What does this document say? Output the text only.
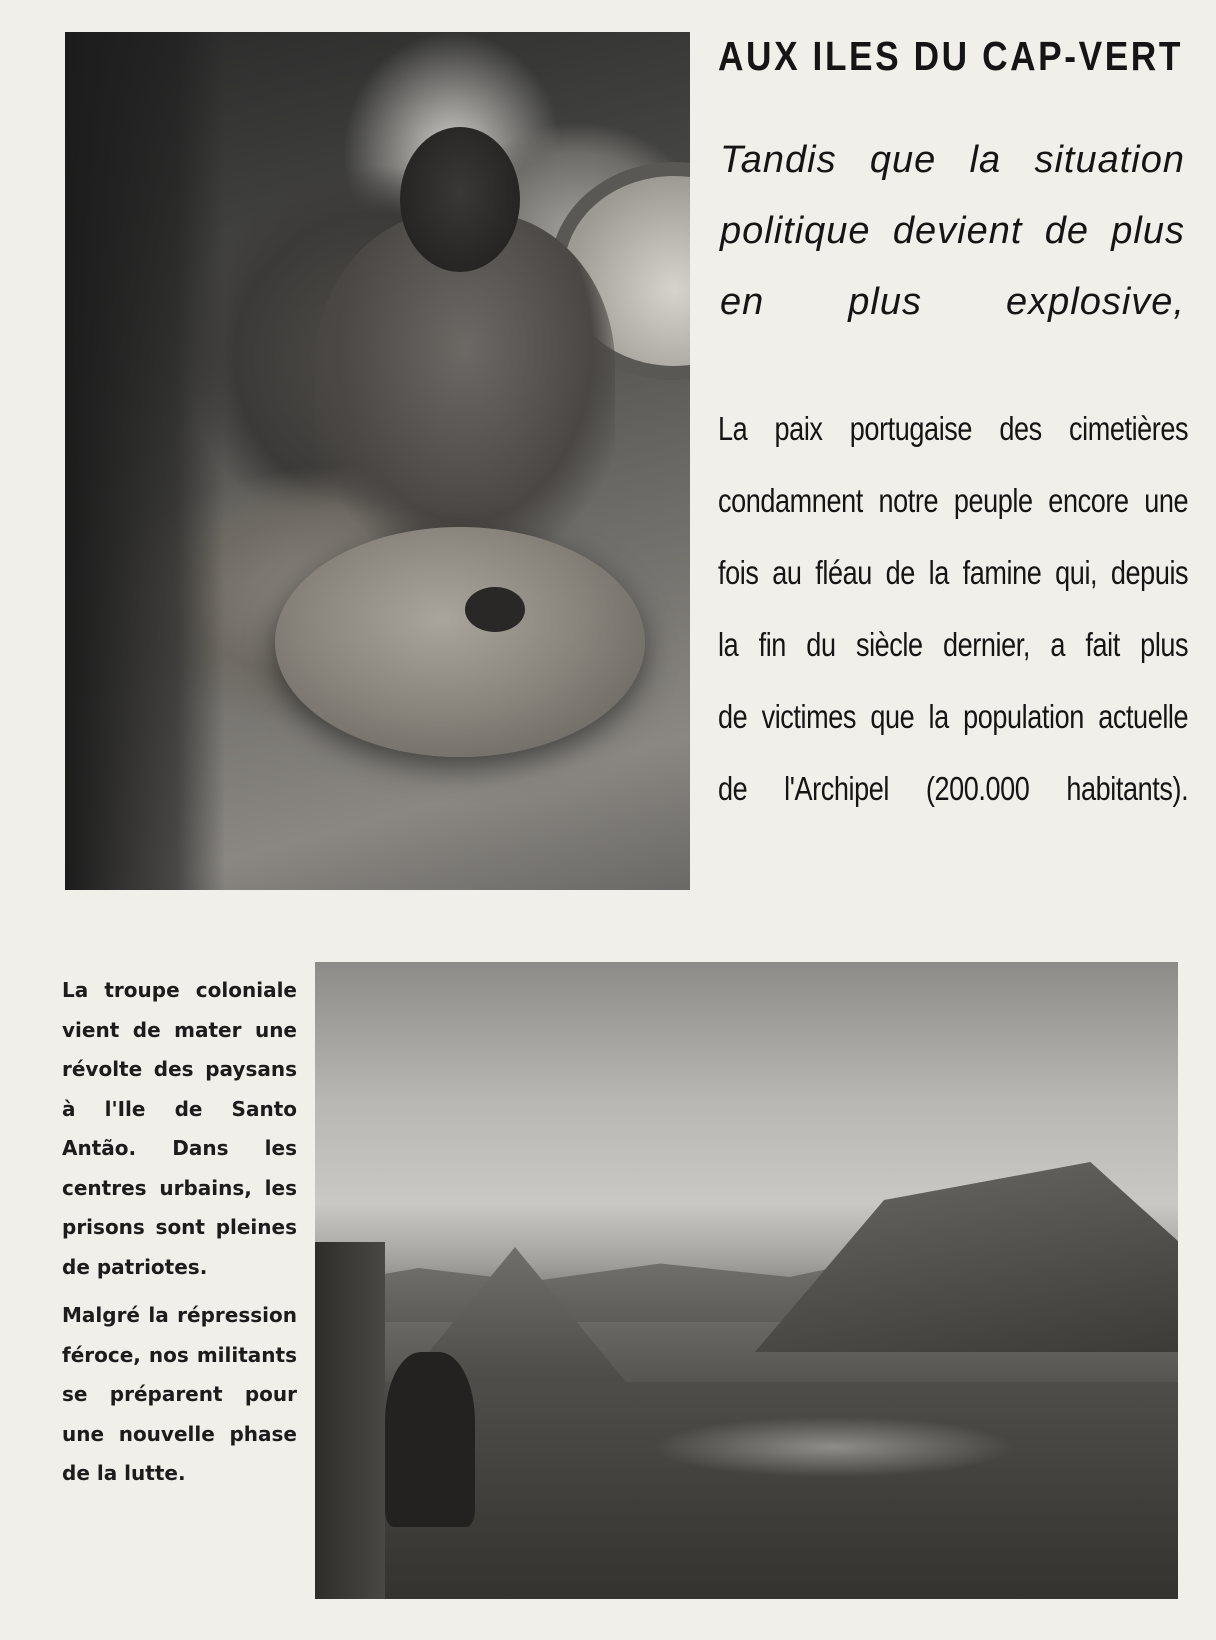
AUX ILES DU CAP-VERT

Tandis que la situation politique devient de plus en plus explosive,

La paix portugaise des cimetières
condamnent notre peuple encore une
fois au fléau de la famine qui, depuis
la fin du siècle dernier, a fait plus
de victimes que la population actuelle
de l'Archipel (200.000 habitants).

La troupe coloniale vient de mater une révolte des paysans à l'Ile de Santo Antão. Dans les centres urbains, les prisons sont pleines de patriotes.

Malgré la répression féroce, nos militants se préparent pour une nouvelle phase de la lutte.
